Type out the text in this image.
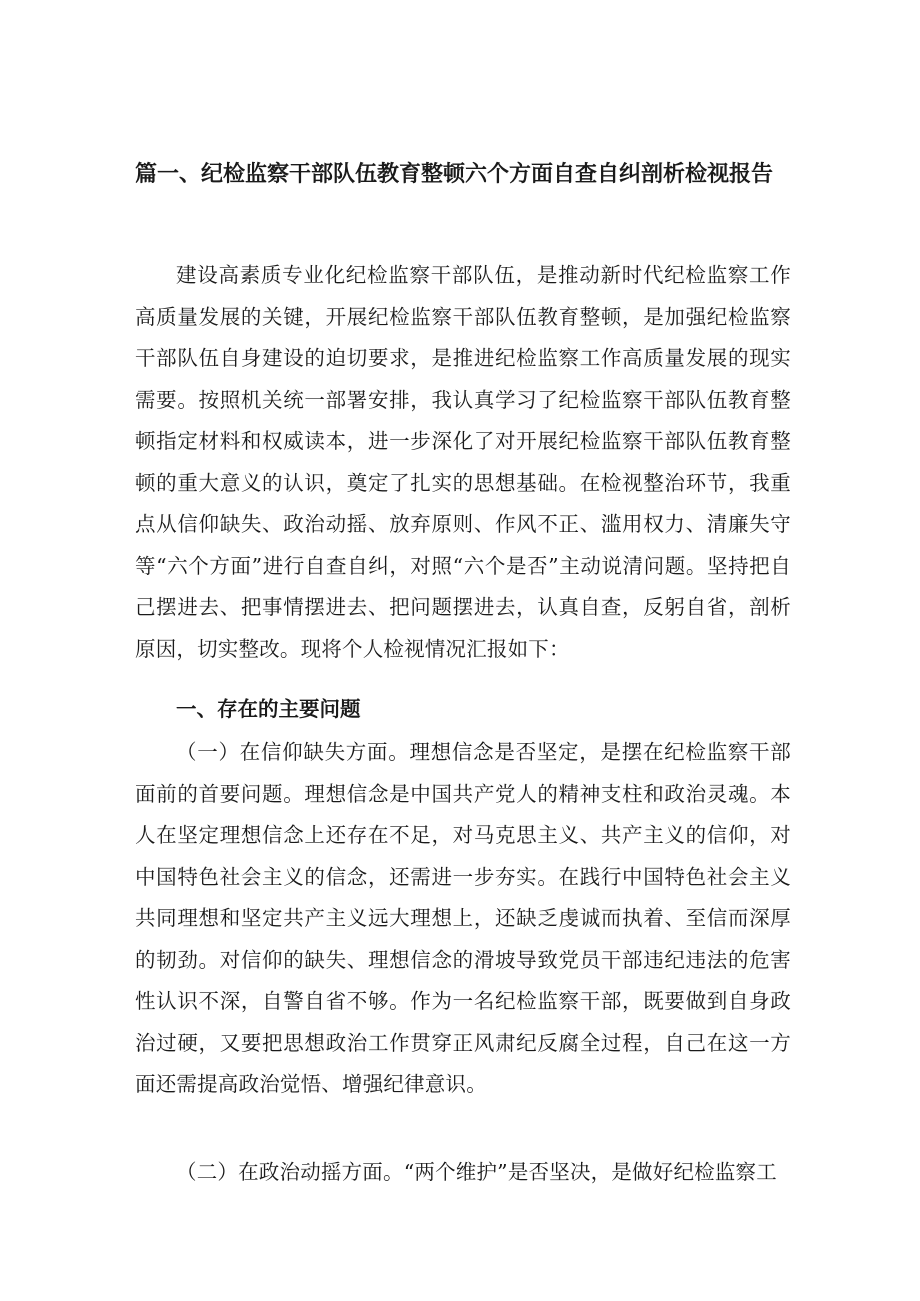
篇一、纪检监察干部队伍教育整顿六个方面自查自纠剖析检视报告

建设高素质专业化纪检监察干部队伍，是推动新时代纪检监察工作高质量发展的关键，开展纪检监察干部队伍教育整顿，是加强纪检监察干部队伍自身建设的迫切要求，是推进纪检监察工作高质量发展的现实需要。按照机关统一部署安排，我认真学习了纪检监察干部队伍教育整顿指定材料和权威读本，进一步深化了对开展纪检监察干部队伍教育整顿的重大意义的认识，奠定了扎实的思想基础。在检视整治环节，我重点从信仰缺失、政治动摇、放弃原则、作风不正、滥用权力、清廉失守等“六个方面”进行自查自纠，对照“六个是否”主动说清问题。坚持把自己摆进去、把事情摆进去、把问题摆进去，认真自查，反躬自省，剖析原因，切实整改。现将个人检视情况汇报如下：

一、存在的主要问题

（一）在信仰缺失方面。理想信念是否坚定，是摆在纪检监察干部面前的首要问题。理想信念是中国共产党人的精神支柱和政治灵魂。本人在坚定理想信念上还存在不足，对马克思主义、共产主义的信仰，对中国特色社会主义的信念，还需进一步夯实。在践行中国特色社会主义共同理想和坚定共产主义远大理想上，还缺乏虔诚而执着、至信而深厚的韧劲。对信仰的缺失、理想信念的滑坡导致党员干部违纪违法的危害性认识不深，自警自省不够。作为一名纪检监察干部，既要做到自身政治过硬，又要把思想政治工作贯穿正风肃纪反腐全过程，自己在这一方面还需提高政治觉悟、增强纪律意识。

（二）在政治动摇方面。“两个维护”是否坚决，是做好纪检监察工
